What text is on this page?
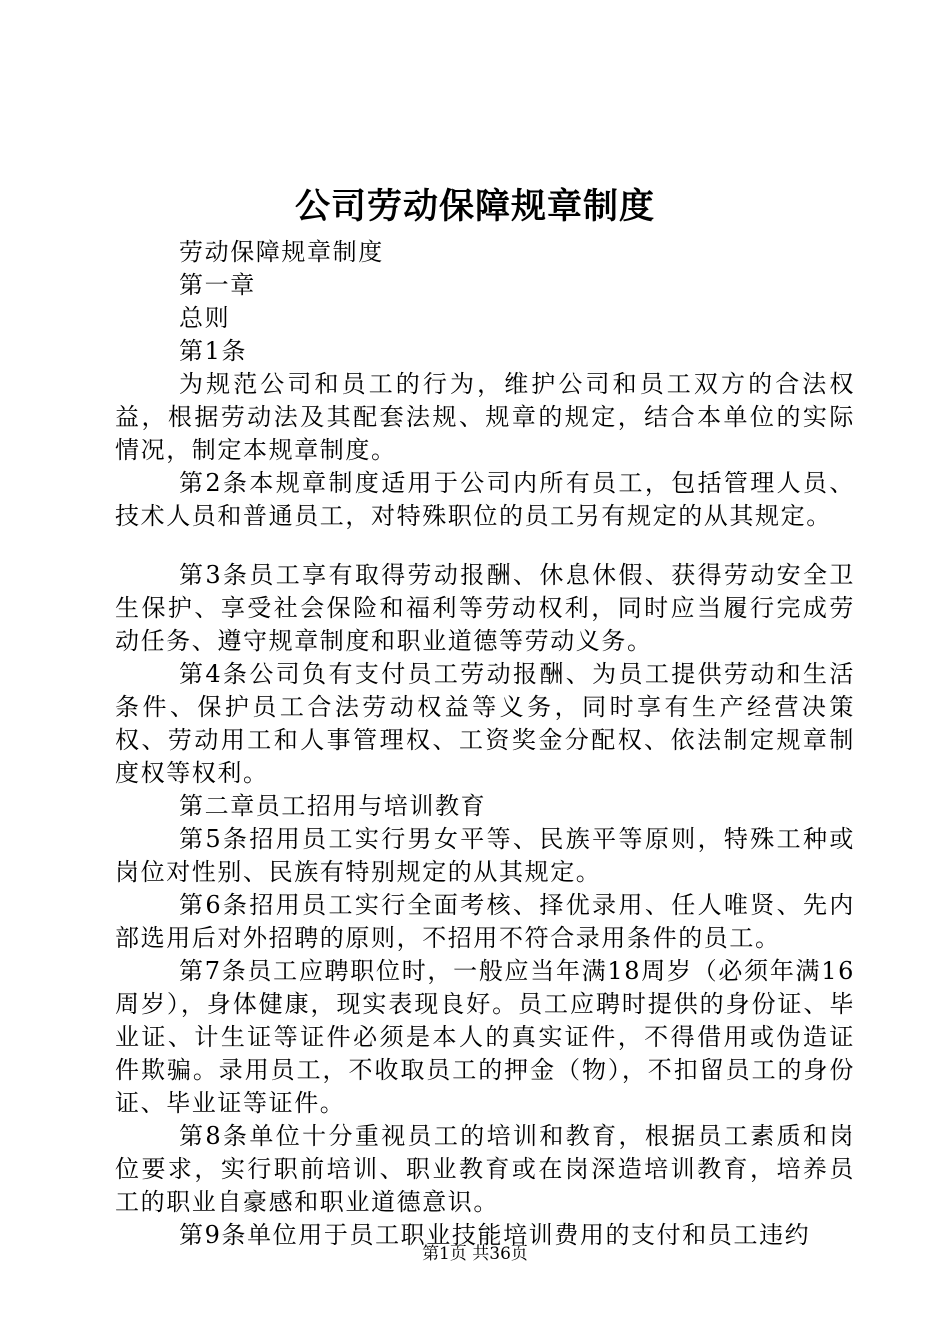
公司劳动保障规章制度

劳动保障规章制度

第一章

总则

第1条

为规范公司和员工的行为，维护公司和员工双方的合法权益，根据劳动法及其配套法规、规章的规定，结合本单位的实际情况，制定本规章制度。

第2条本规章制度适用于公司内所有员工，包括管理人员、技术人员和普通员工，对特殊职位的员工另有规定的从其规定。

第3条员工享有取得劳动报酬、休息休假、获得劳动安全卫生保护、享受社会保险和福利等劳动权利，同时应当履行完成劳动任务、遵守规章制度和职业道德等劳动义务。

第4条公司负有支付员工劳动报酬、为员工提供劳动和生活条件、保护员工合法劳动权益等义务，同时享有生产经营决策权、劳动用工和人事管理权、工资奖金分配权、依法制定规章制度权等权利。

第二章员工招用与培训教育

第5条招用员工实行男女平等、民族平等原则，特殊工种或岗位对性别、民族有特别规定的从其规定。

第6条招用员工实行全面考核、择优录用、任人唯贤、先内部选用后对外招聘的原则，不招用不符合录用条件的员工。

第7条员工应聘职位时，一般应当年满18周岁（必须年满16周岁），身体健康，现实表现良好。员工应聘时提供的身份证、毕业证、计生证等证件必须是本人的真实证件，不得借用或伪造证件欺骗。录用员工，不收取员工的押金（物），不扣留员工的身份证、毕业证等证件。

第8条单位十分重视员工的培训和教育，根据员工素质和岗位要求，实行职前培训、职业教育或在岗深造培训教育，培养员工的职业自豪感和职业道德意识。

第9条单位用于员工职业技能培训费用的支付和员工违约

第1页 共36页
